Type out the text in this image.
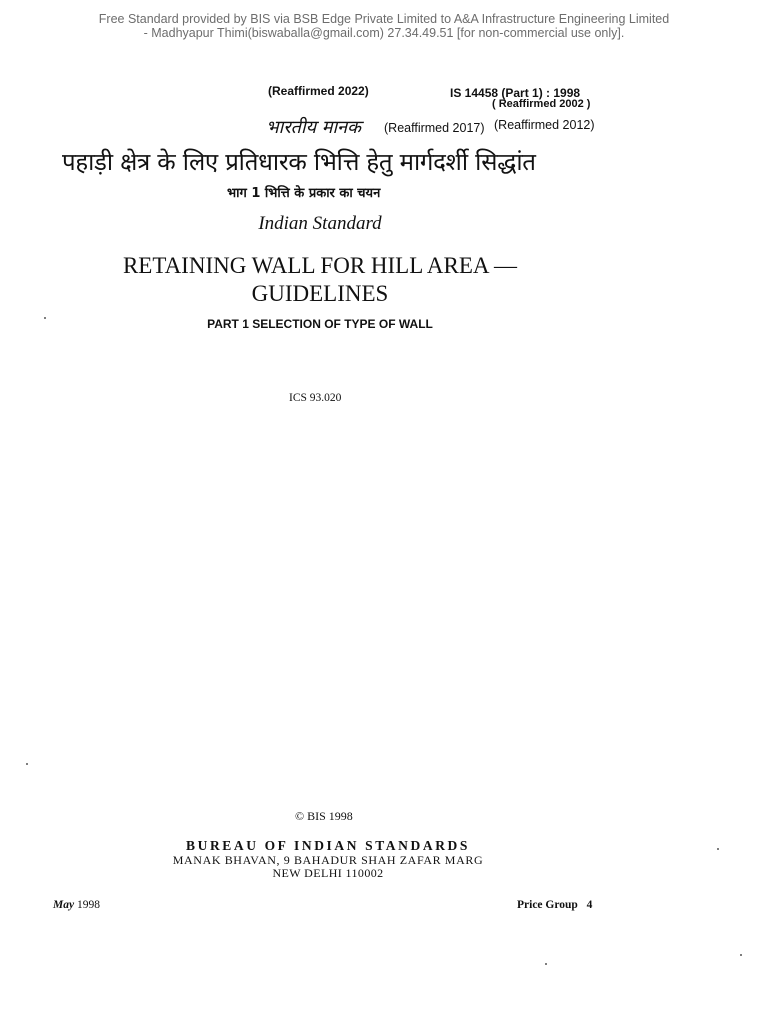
Free Standard provided by BIS via BSB Edge Private Limited to A&A Infrastructure Engineering Limited
- Madhyapur Thimi(biswaballa@gmail.com) 27.34.49.51 [for non-commercial use only].
(Reaffirmed 2022)	IS 14458 (Part 1) : 1998
( Reaffirmed 2002 )
भारतीय मानक (Reaffirmed 2017) (Reaffirmed 2012)
पहाड़ी क्षेत्र के लिए प्रतिधारक भित्ति हेतु मार्गदर्शी सिद्धांत
भाग 1 भित्ति के प्रकार का चयन
Indian Standard
RETAINING WALL FOR HILL AREA —
GUIDELINES
PART 1 SELECTION OF TYPE OF WALL
ICS 93.020
© BIS 1998
BUREAU OF INDIAN STANDARDS
MANAK BHAVAN, 9 BAHADUR SHAH ZAFAR MARG
NEW DELHI 110002
May 1998	Price Group 4
